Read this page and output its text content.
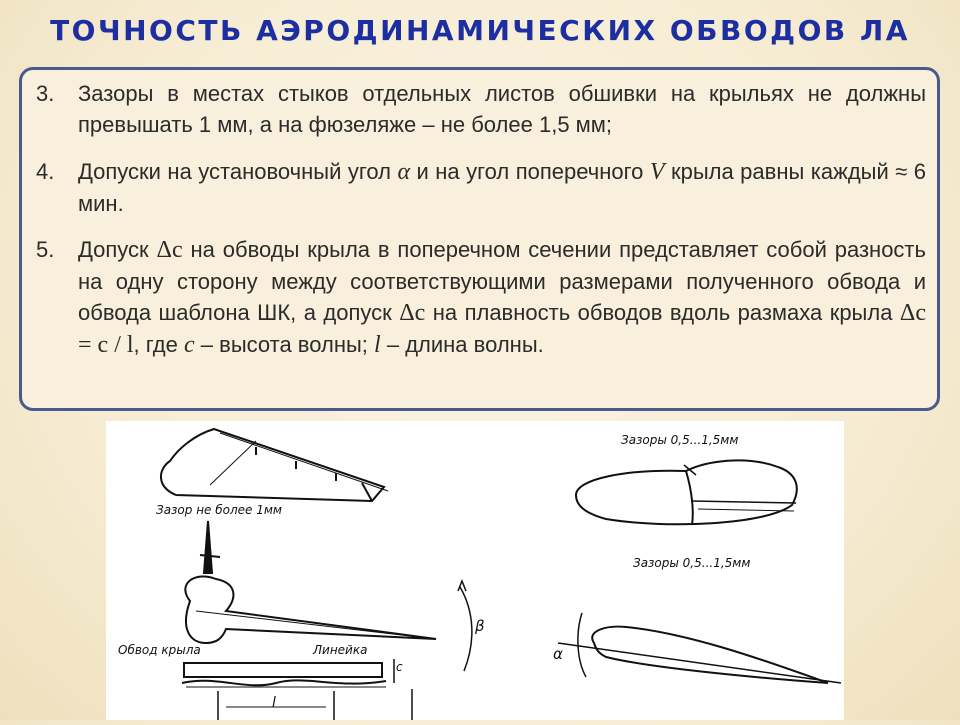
ТОЧНОСТЬ АЭРОДИНАМИЧЕСКИХ ОБВОДОВ ЛА
3.	Зазоры в местах стыков отдельных листов обшивки на крыльях не должны превышать 1 мм, а на фюзеляже – не более 1,5 мм;
4.	Допуски на установочный угол α и на угол поперечного V крыла равны каждый ≈ 6 мин.
5.	Допуск Δc на обводы крыла в поперечном сечении представляет собой разность на одну сторону между соответствующими размерами полученного обвода и обвода шаблона ШК, а допуск Δc на плавность обводов вдоль размаха крыла Δc = c / l, где c – высота волны; l – длина волны.
Зазор не более 1мм
Зазоры 0,5...1,5мм
Зазоры 0,5...1,5мм
β
Обвод крыла	Линейка
l
c
α
